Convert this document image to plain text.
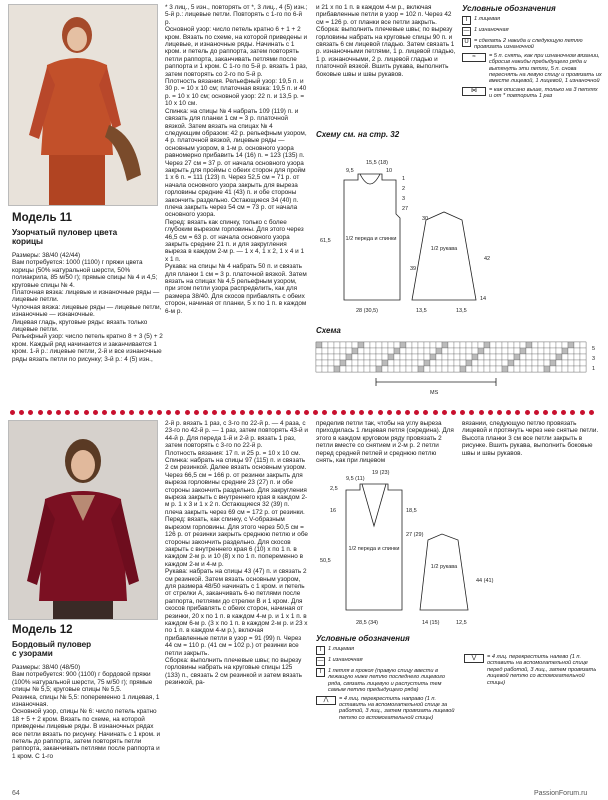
Модель 11
Узорчатый пуловер цвета
корицы
Размеры: 38/40 (42/44)
Вам потребуется: 1000 (1100) г пряжи цвета корицы (50% натуральной шерсти, 50% полиакрила, 85 м/50 г); прямые спицы № 4 и 4,5; круговые спицы № 4.
Платочная вязка: лицевые и изнаночные ряды — лицевые петли.
Чулочная вязка: лицевые ряды — лицевые петли, изнаночные — изнаночные.
Лицевая гладь, круговые ряды: вязать только лицевые петли.
Рельефный узор: число петель кратно 8 + 3 (5) + 2 кром. Каждый ряд начинается и заканчивается 1 кром. 1-й р.: лицевые петли, 2-й и все изнаночные ряды вязать петли по рисунку; 3-й р.: 4 (5) изн.,
* 3 лиц., 5 изн., повторять от *, 3 лиц., 4 (5) изн.; 5-й р.: лицевые петли. Повторять с 1-го по 6-й р.
Основной узор: число петель кратно 6 + 1 + 2 кром. Вязать по схеме, на которой приведены и лицевые, и изнаночные ряды. Начинать с 1 кром. и петель до раппорта, затем повторять петли раппорта, заканчивать петлями после раппорта и 1 кром. С 1-го по 5-й р. вязать 1 раз, затем повторять со 2-го по 5-й р.
Плотность вязания. Рельефный узор: 19,5 п. и 30 р. = 10 х 10 см; платочная вязка: 19,5 п. и 40 р. = 10 х 10 см; основной узор: 22 п. и 13,5 р. = 10 х 10 см.
Спинка: на спицы № 4 набрать 109 (119) п. и связать для планки 1 см = 3 р. платочной вязкой. Затем вязать на спицах № 4 следующим образом: 42 р. рельефным узором, 4 р. платочной вязкой, лицевые ряды — основным узором, в 1-м р. основного узора равномерно прибавить 14 (16) п. = 123 (135) п. Через 27 см = 37 р. от начала основного узора закрыть для проймы с обеих сторон для пройм 1 х 6 п. = 111 (123) п. Через 52,5 см = 71 р. от начала основного узора закрыть для выреза горловины средние 41 (43) п. и обе стороны закончить раздельно. Остающиеся 34 (40) п. плеча закрыть через 54 см = 73 р. от начала основного узора.
Перед: вязать как спинку, только с более глубоким вырезом горловины. Для этого через 46,5 см = 63 р. от начала основного узора закрыть средние 21 п. и для закругления выреза в каждом 2-м р. — 1 х 4, 1 х 2, 1 х 4 и 1 х 1 п.
Рукава: на спицы № 4 набрать 50 п. и связать для планки 1 см = 3 р. платочной вязкой. Затем вязать на спицах № 4,5 рельефным узором, при этом петли узора распределить, как для размера 38/40. Для скосов прибавлять с обеих сторон, начиная от планки, 5 х по 1 п. в каждом 6-м р.
и 21 х по 1 п. в каждом 4-м р., включая прибавленные петли в узор = 102 п. Через 42 см = 126 р. от планки все петли закрыть.
Сборка: выполнить плечевые швы; по вырезу горловины набрать на круговые спицы 90 п. и связать 6 см лицевой гладью. Затем связать 1 р. изнаночными петлями, 1 р. лицевой гладью, 1 р. изнаночными, 2 р. лицевой гладью и платочной вязкой. Вшить рукава, выполнить боковые швы и швы рукавов.
Схему см. на стр. 32
Условные обозначения
I	1 лицевая
— 1 изнаночная
U = сделать 2 накида и следующую петлю провязать изнаночной
≈	= 5 п. снять, как при изнаночном вязании, сбросив накиды предыдущего ряда и вытянуть эти петли, 5 п. снова переснять на левую спицу и провязать их вместе лицевой, 1 лицевой, 1 изнаночной
⋈	= как описано выше, только на 3 петлях и от * повторить 1 раз
1/2 переда и спинки
1/2 рукава
9,5
15,5 (18)
10
1
2
3
27
61,5
39
30
42
28 (30,5)	13,5	13,5
14
Схема
5
3
1
MS
Модель 12
Бордовый пуловер
с узорами
Размеры: 38/40 (48/50)
Вам потребуется: 900 (1100) г бордовой пряжи (100% натуральной шерсти, 75 м/50 г); прямые спицы № 5,5; круговые спицы № 5,5.
Резинка, спицы № 5,5: попеременно 1 лицевая, 1 изнаночная.
Основной узор, спицы № 6: число петель кратно 18 + 5 + 2 кром. Вязать по схеме, на которой приведены лицевые ряды. В изнаночных рядах все петли вязать по рисунку. Начинать с 1 кром. и петель до раппорта, затем повторять петли раппорта, заканчивать петлями после раппорта и 1 кром. С 1-го
2-й р. вязать 1 раз, с 3-го по 22-й р. — 4 раза, с 23-го по 42-й р. — 1 раз, затем повторять 43-й и 44-й р. Для переда 1-й и 2-й р. вязать 1 раз, затем повторять с 3-го по 22-й р.
Плотность вязания: 17 п. и 25 р. = 10 х 10 см.
Спинка: набрать на спицы 97 (115) п. и связать 2 см резинкой. Далее вязать основным узором. Через 66,5 см = 166 р. от резинки закрыть для выреза горловины средние 23 (27) п. и обе стороны закончить раздельно. Для закругления выреза закрыть с внутреннего края в каждом 2-м р. 1 х 3 и 1 х 2 п. Остающиеся 32 (39) п. плеча закрыть через 69 см = 172 р. от резинки.
Перед: вязать, как спинку, с V-образным вырезом горловины. Для этого через 50,5 см = 126 р. от резинки закрыть среднюю петлю и обе стороны закончить раздельно. Для скосов закрыть с внутреннего края 6 (10) х по 1 п. в каждом 2-м р. и 10 (8) х по 1 п. попеременно в каждом 2-м и 4-м р.
Рукава: набрать на спицы 43 (47) п. и связать 2 см резинкой. Затем вязать основным узором, для размера 48/50 начинать с 1 кром. и петель от стрелки А, заканчивать 6-ю петлями после раппорта, петлями до стрелки B и 1 кром. Для скосов прибавлять с обеих сторон, начиная от резинки, 20 х по 1 п. в каждом 4-м р. и 1 х 1 п. в каждом 6-м р. (3 х по 1 п. в каждом 2-м р. и 23 х по 1 п. в каждом 4-м р.), включая прибавленные петли в узор = 91 (99) п. Через 44 см = 110 р. (41 см = 102 р.) от резинки все петли закрыть.
Сборка: выполнить плечевые швы; по вырезу горловины набрать на круговые спицы 125 (133) п., связать 2 см резинкой и затем вязать резинкой, ра-
пределив петли так, чтобы на углу выреза приходилась 1 лицевая петля (середина). Для этого в каждом круговом ряду провязать 2 петли вместе со снятием и 2-м р. 2 петли перед средней петлей и среднюю петлю снять, как при лицевом
вязании, следующую петлю провязать лицевой и протянуть через нее снятые петли. Высота планки 3 см все петли закрыть в рисунке. Вшить рукава, выполнить боковые швы и швы рукавов.
1/2 переда и спинки
1/2 рукава
9,5 (11)
19 (23)
2,5
16	18,5
27 (29)
50,5
44 (41)
28,5 (34)	14 (15)	12,5
Условные обозначения
I	1 лицевая
— 1 изнаночная
T	1 петля в прокол (правую спицу ввести в лежащую ниже петлю последнего лицевого ряда, связать лицевую и распустить тем самым петлю предыдущего ряда)
⋀	= 4 лиц. перекрестить направо (1 п. оставить на вспомогательной спице за работой, 3 лиц., затем провязать лицевой петлю со вспомогательной спицы)
⋁	= 4 лиц. перекрестить налево (1 п. оставить на вспомогательной спице перед работой, 3 лиц., затем провязать лицевой петлю со вспомогательной спицы)
64	PassionForum.ru
